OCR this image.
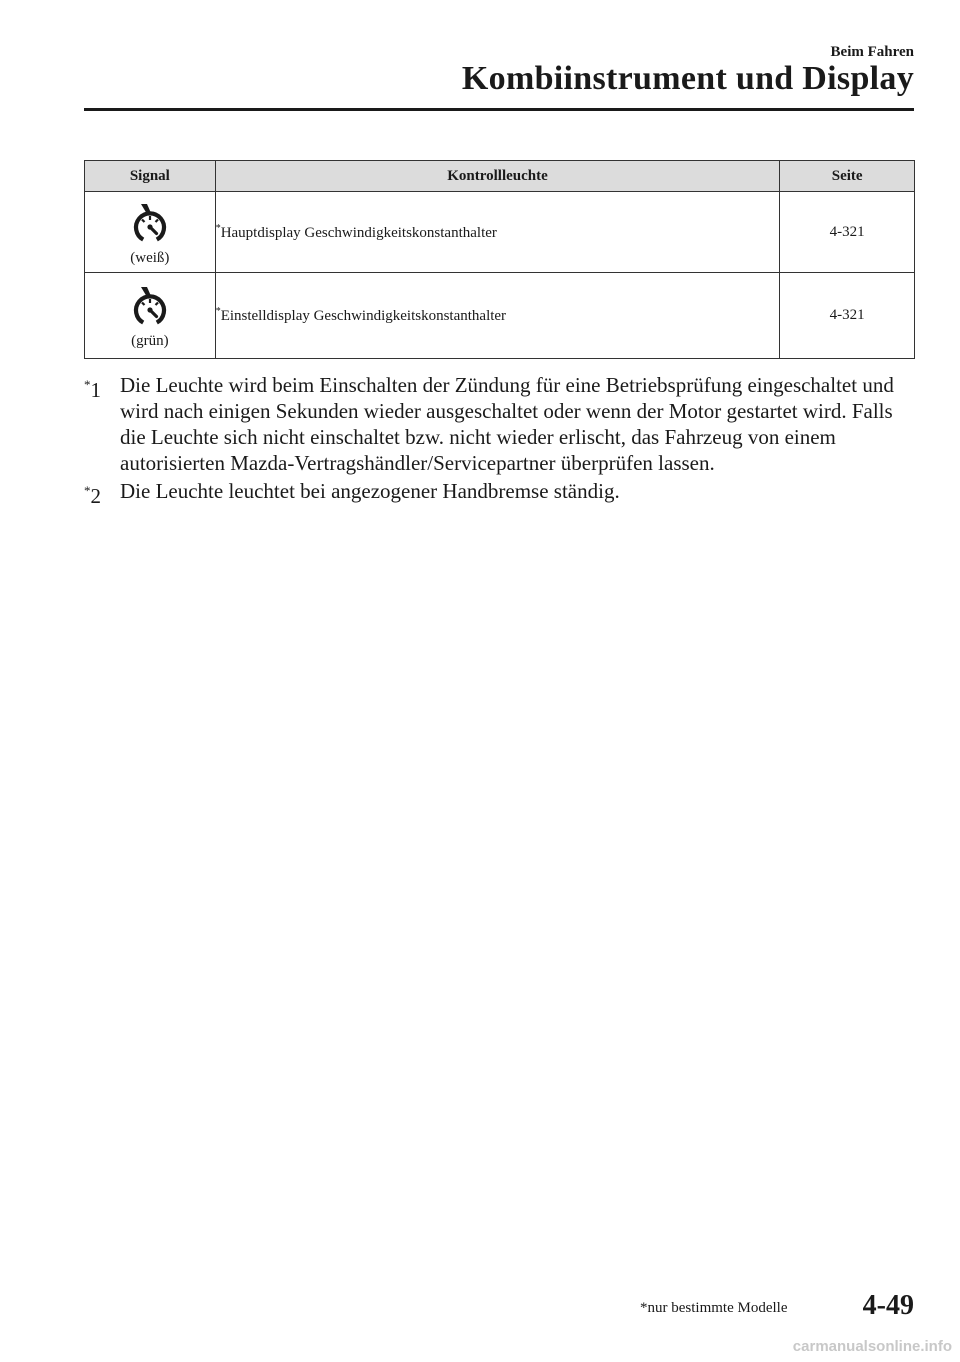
Beim Fahren
Kombiinstrument und Display
Signal	Kontrollleuchte	Seite

(weiß)	*Hauptdisplay Geschwindigkeitskonstanthalter	4-321

(grün)	*Einstelldisplay Geschwindigkeitskonstanthalter	4-321
*1 Die Leuchte wird beim Einschalten der Zündung für eine Betriebsprüfung eingeschaltet und wird nach einigen Sekunden wieder ausgeschaltet oder wenn der Motor gestartet wird. Falls die Leuchte sich nicht einschaltet bzw. nicht wieder erlischt, das Fahrzeug von einem autorisierten Mazda-Vertragshändler/Servicepartner überprüfen lassen.
*2 Die Leuchte leuchtet bei angezogener Handbremse ständig.
*nur bestimmte Modelle	4-49
carmanualsonline.info
